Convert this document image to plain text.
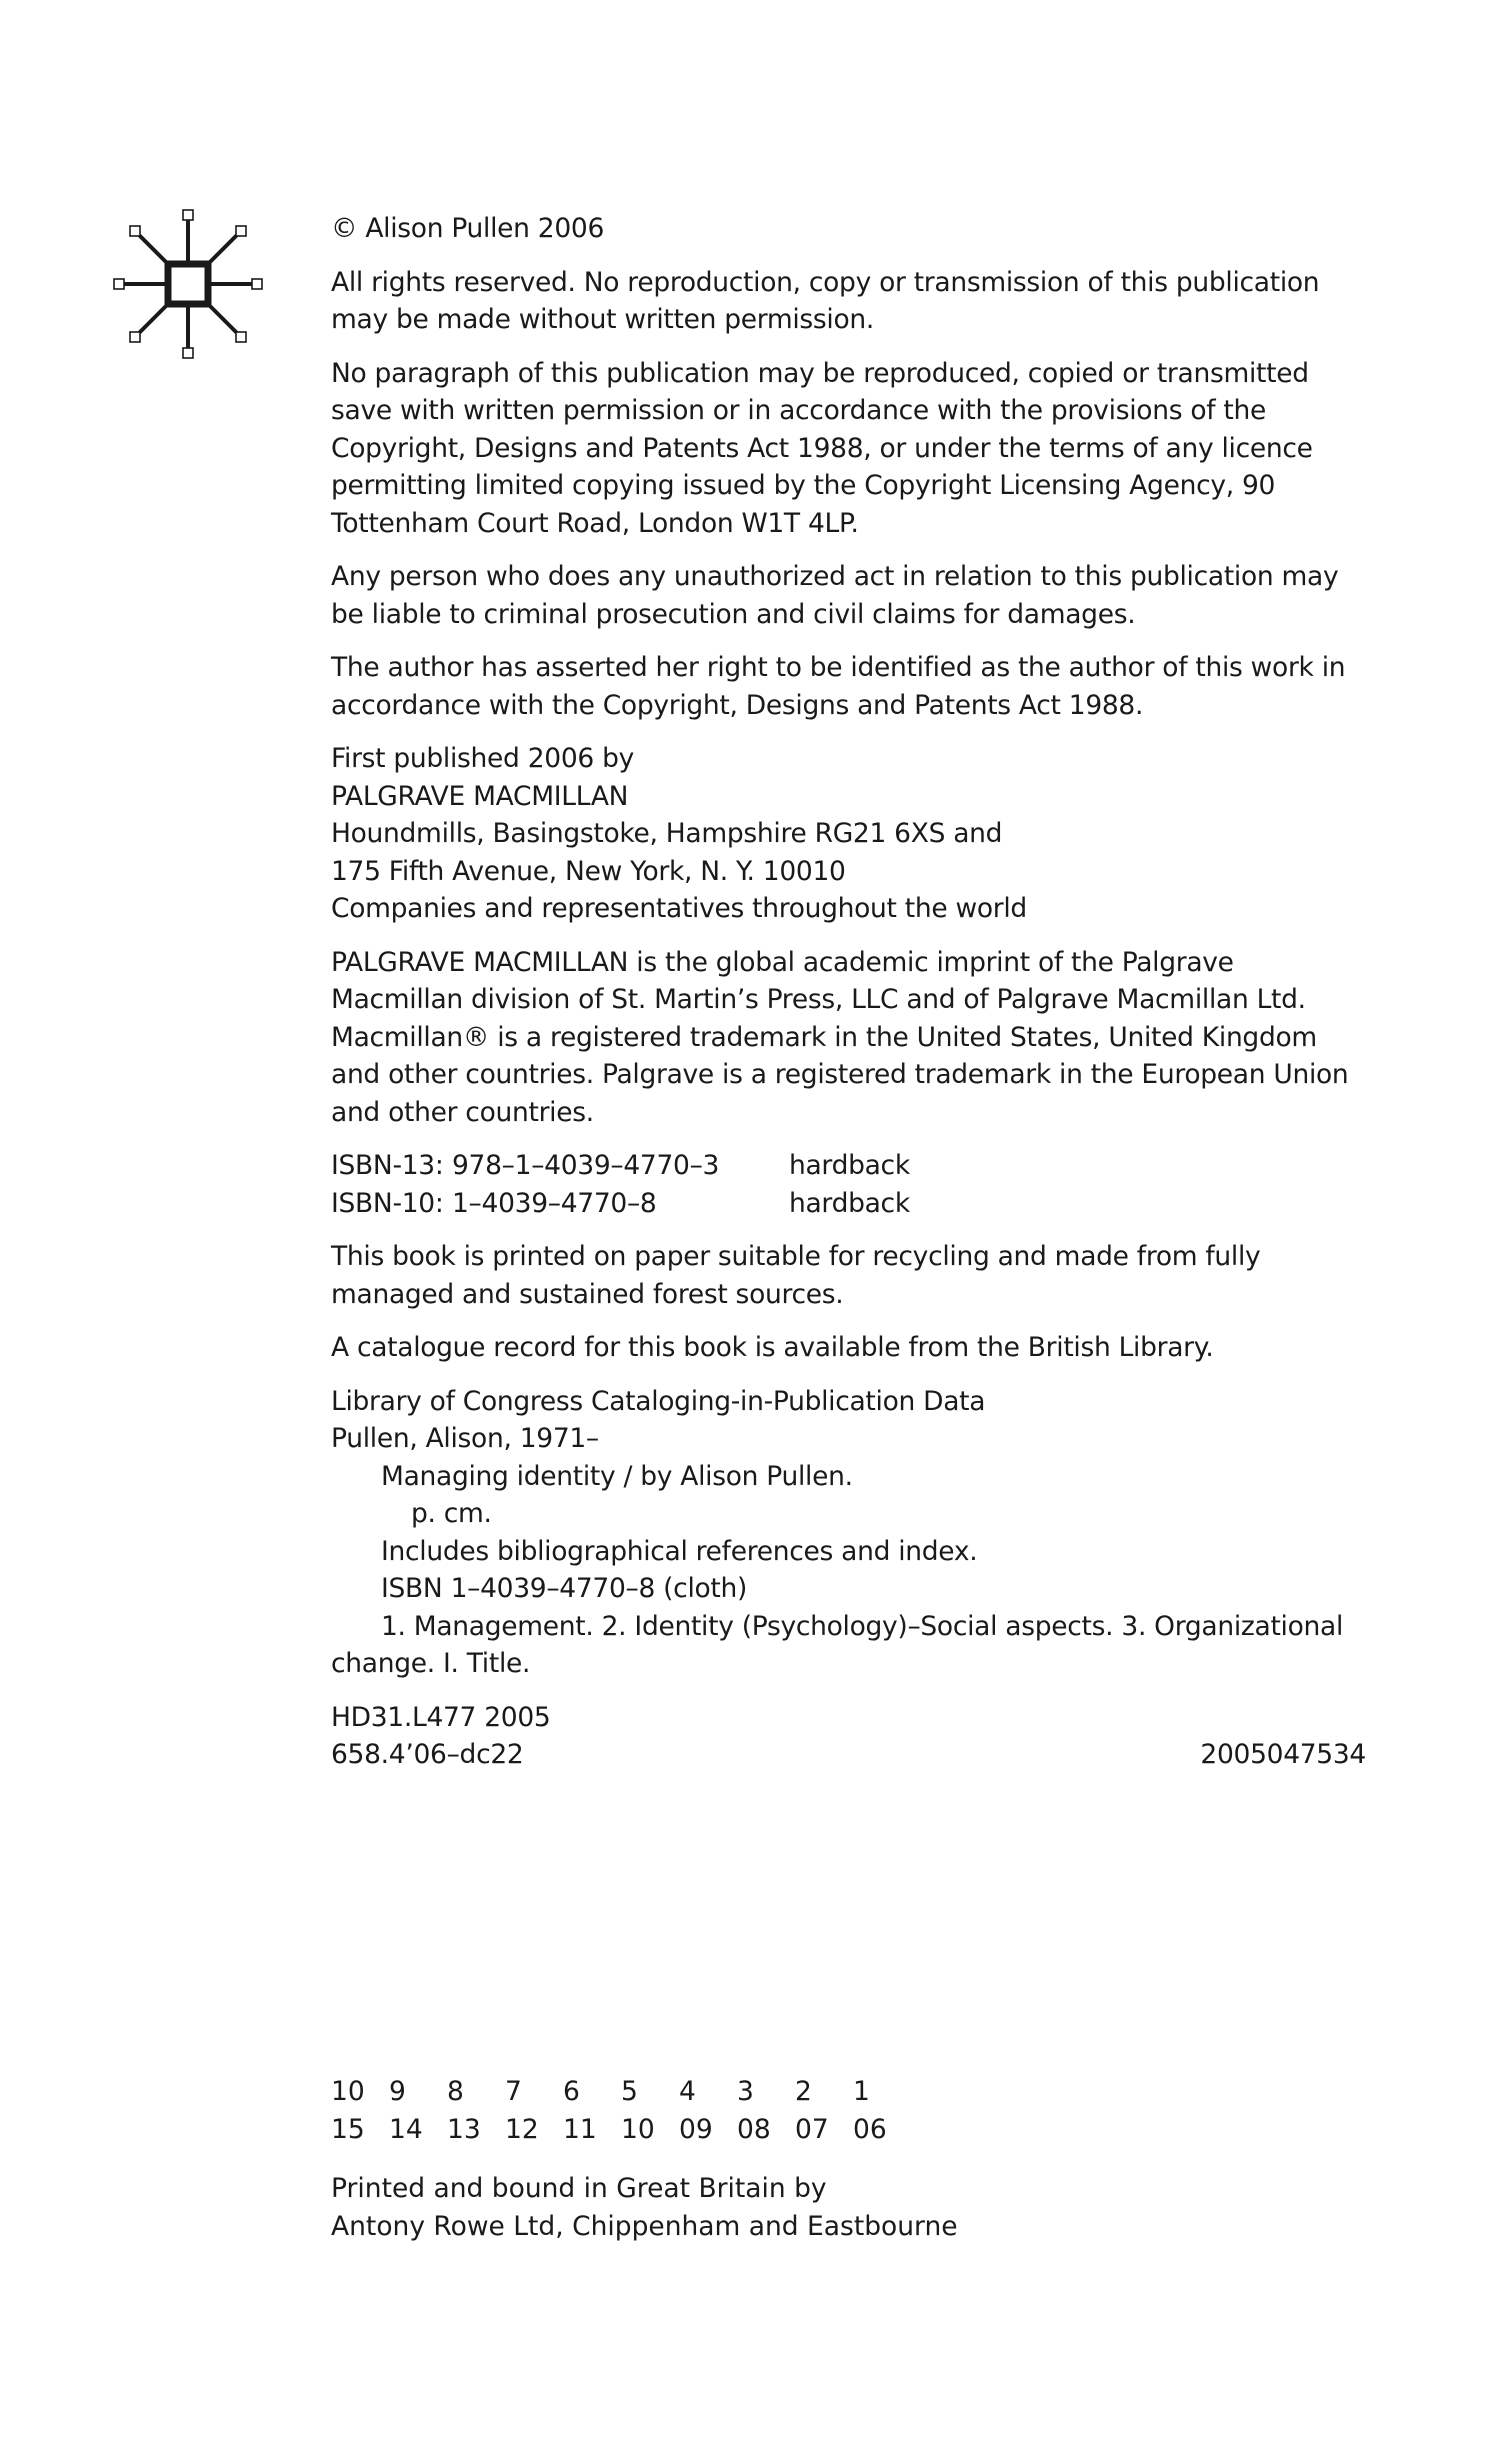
© Alison Pullen 2006

All rights reserved. No reproduction, copy or transmission of this publication may be made without written permission.

No paragraph of this publication may be reproduced, copied or transmitted save with written permission or in accordance with the provisions of the Copyright, Designs and Patents Act 1988, or under the terms of any licence permitting limited copying issued by the Copyright Licensing Agency, 90 Tottenham Court Road, London W1T 4LP.

Any person who does any unauthorized act in relation to this publication may be liable to criminal prosecution and civil claims for damages.

The author has asserted her right to be identified as the author of this work in accordance with the Copyright, Designs and Patents Act 1988.

First published 2006 by
PALGRAVE MACMILLAN
Houndmills, Basingstoke, Hampshire RG21 6XS and
175 Fifth Avenue, New York, N. Y. 10010
Companies and representatives throughout the world

PALGRAVE MACMILLAN is the global academic imprint of the Palgrave Macmillan division of St. Martin’s Press, LLC and of Palgrave Macmillan Ltd. Macmillan® is a registered trademark in the United States, United Kingdom and other countries. Palgrave is a registered trademark in the European Union and other countries.

ISBN-13: 978–1–4039–4770–3	hardback
ISBN-10: 1–4039–4770–8	hardback

This book is printed on paper suitable for recycling and made from fully managed and sustained forest sources.

A catalogue record for this book is available from the British Library.

Library of Congress Cataloging-in-Publication Data
Pullen, Alison, 1971–
Managing identity / by Alison Pullen.
p. cm.
Includes bibliographical references and index.
ISBN 1–4039–4770–8 (cloth)
1. Management. 2. Identity (Psychology)–Social aspects. 3. Organizational
change. I. Title.
HD31.L477 2005
658.4’06–dc22	2005047534
10 9	8	7	6	5	4	3	2	1
15 14 13 12 11 10 09 08 07 06
Printed and bound in Great Britain by
Antony Rowe Ltd, Chippenham and Eastbourne
